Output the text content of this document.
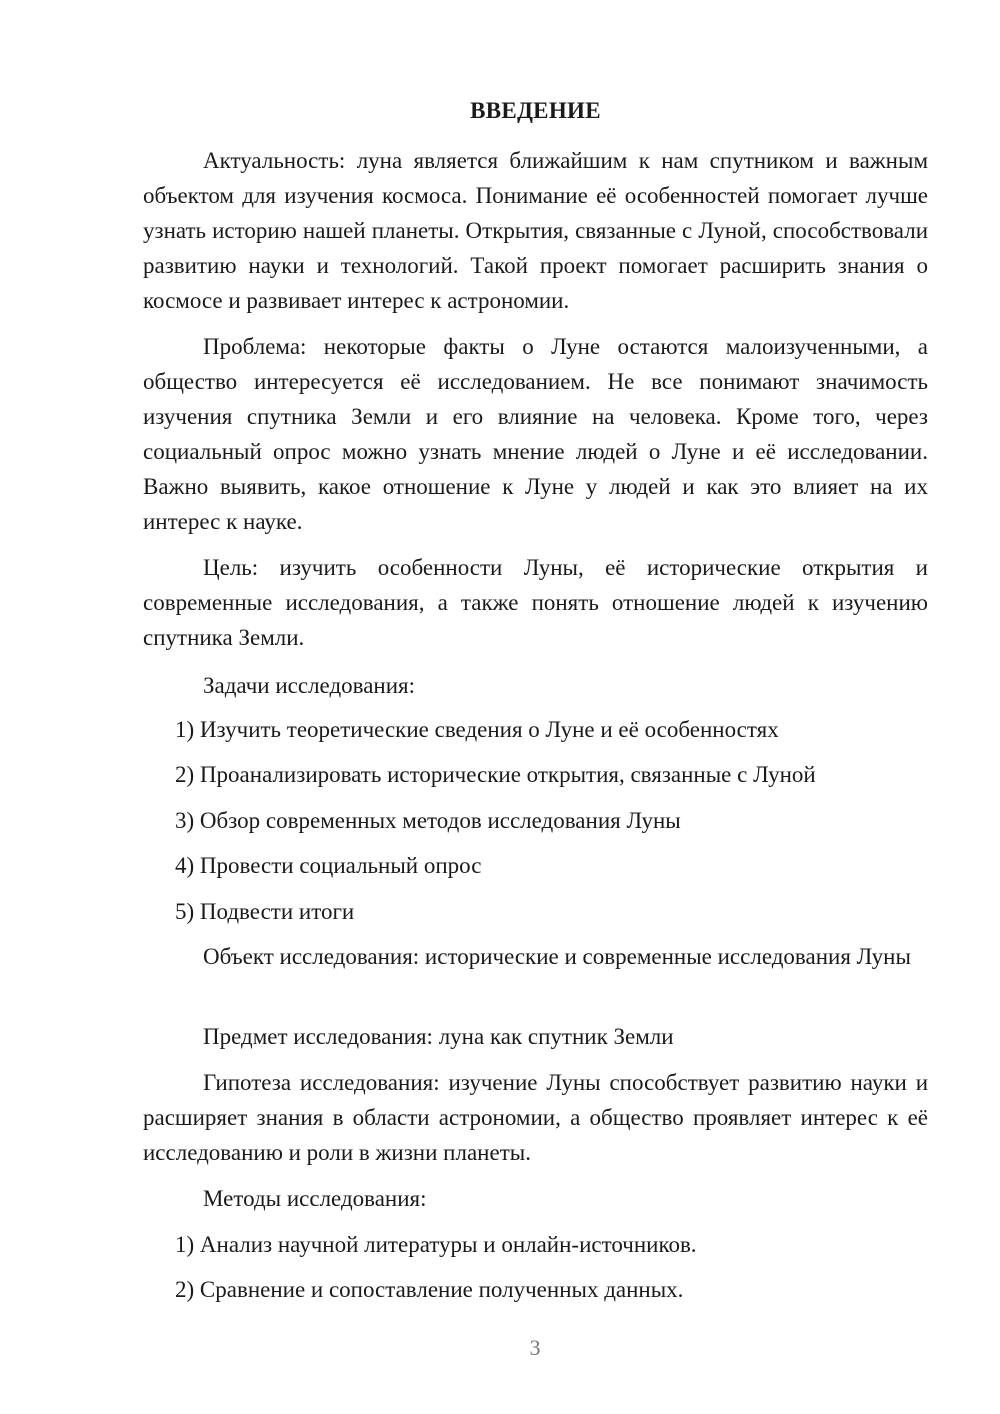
ВВЕДЕНИЕ

Актуальность: луна является ближайшим к нам спутником и важным объектом для изучения космоса. Понимание её особенностей помогает лучше узнать историю нашей планеты. Открытия, связанные с Луной, способствовали развитию науки и технологий. Такой проект помогает расширить знания о космосе и развивает интерес к астрономии.

Проблема: некоторые факты о Луне остаются малоизученными, а общество интересуется её исследованием. Не все понимают значимость изучения спутника Земли и его влияние на человека. Кроме того, через социальный опрос можно узнать мнение людей о Луне и её исследовании. Важно выявить, какое отношение к Луне у людей и как это влияет на их интерес к науке.

Цель: изучить особенности Луны, её исторические открытия и современные исследования, а также понять отношение людей к изучению спутника Земли.

Задачи исследования:

1) Изучить теоретические сведения о Луне и её особенностях

2) Проанализировать исторические открытия, связанные с Луной

3) Обзор современных методов исследования Луны

4) Провести социальный опрос

5) Подвести итоги

Объект исследования: исторические и современные исследования Луны

Предмет исследования: луна как спутник Земли

Гипотеза исследования: изучение Луны способствует развитию науки и расширяет знания в области астрономии, а общество проявляет интерес к её исследованию и роли в жизни планеты.

Методы исследования:

1) Анализ научной литературы и онлайн-источников.

2) Сравнение и сопоставление полученных данных.

3
